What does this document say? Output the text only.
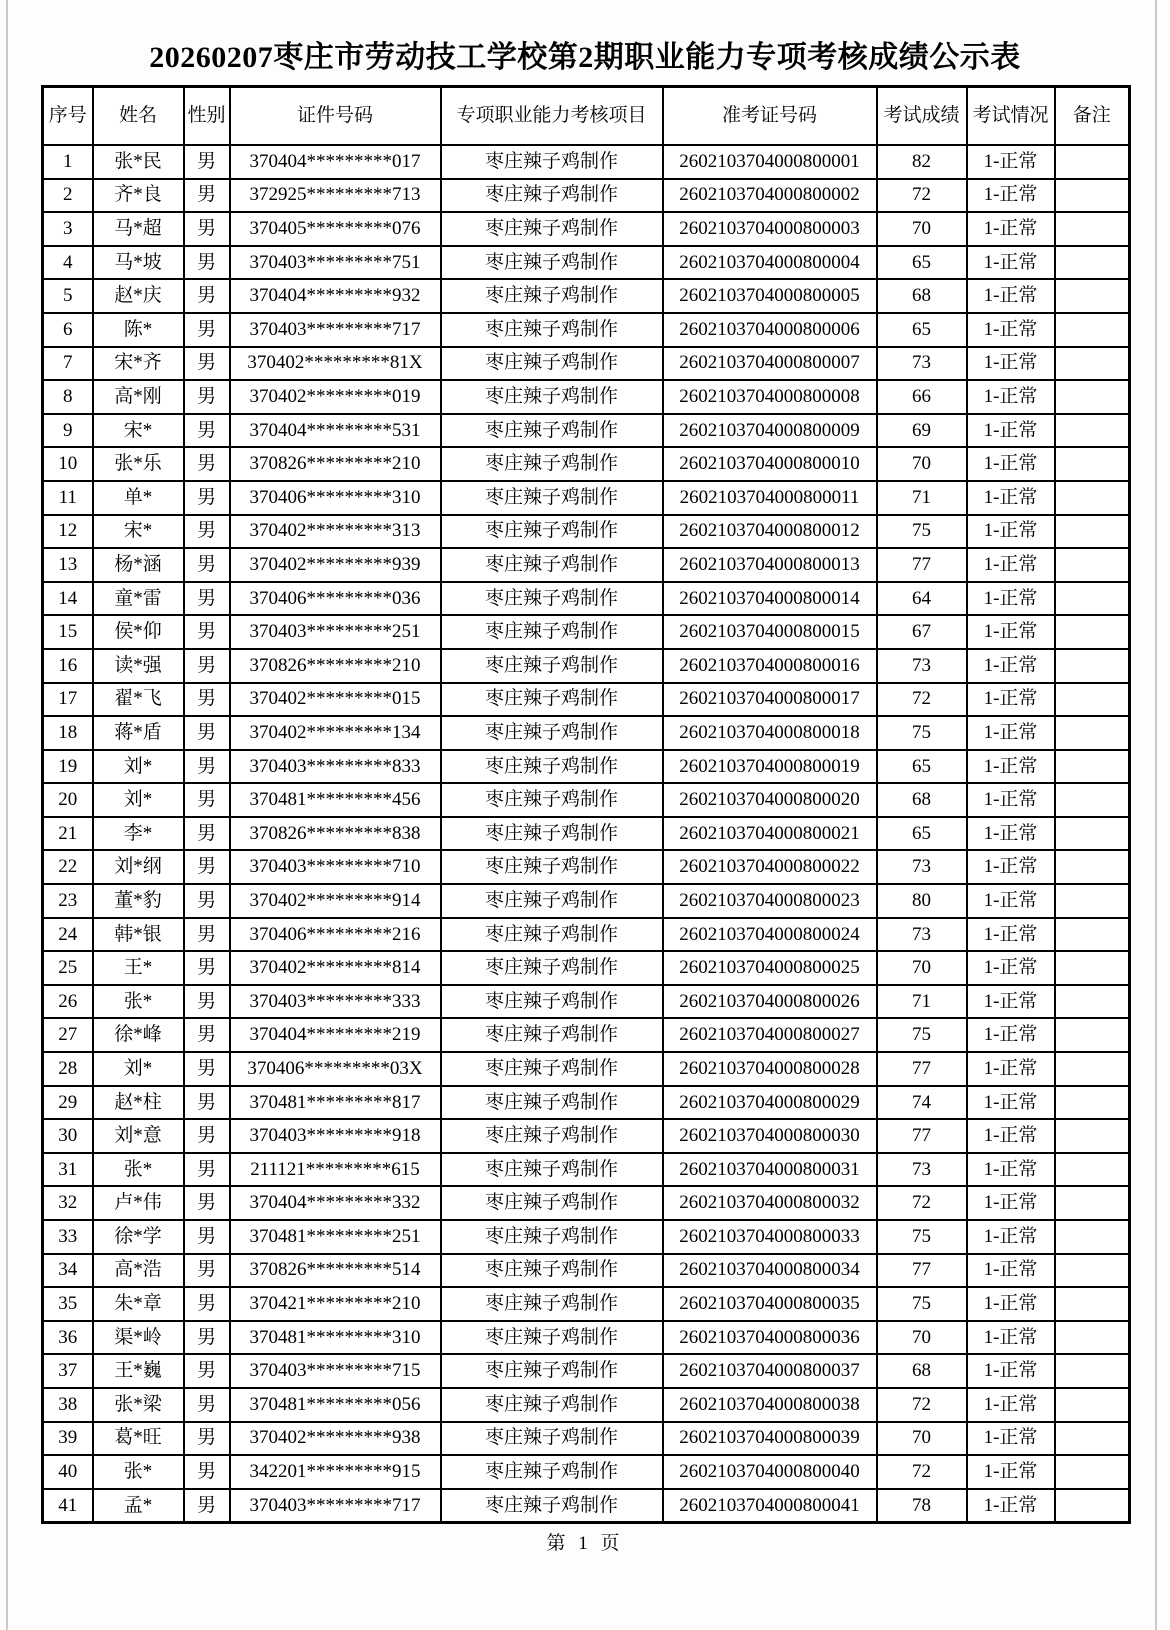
20260207枣庄市劳动技工学校第2期职业能力专项考核成绩公示表
序号	姓名	性别	证件号码	专项职业能力考核项目	准考证号码	考试成绩	考试情况	备注
1	张*民	男	370404*********017	枣庄辣子鸡制作	2602103704000800001	82	1-正常	
2	齐*良	男	372925*********713	枣庄辣子鸡制作	2602103704000800002	72	1-正常	
3	马*超	男	370405*********076	枣庄辣子鸡制作	2602103704000800003	70	1-正常	
4	马*坡	男	370403*********751	枣庄辣子鸡制作	2602103704000800004	65	1-正常	
5	赵*庆	男	370404*********932	枣庄辣子鸡制作	2602103704000800005	68	1-正常	
6	陈*	男	370403*********717	枣庄辣子鸡制作	2602103704000800006	65	1-正常	
7	宋*齐	男	370402*********81X	枣庄辣子鸡制作	2602103704000800007	73	1-正常	
8	高*刚	男	370402*********019	枣庄辣子鸡制作	2602103704000800008	66	1-正常	
9	宋*	男	370404*********531	枣庄辣子鸡制作	2602103704000800009	69	1-正常	
10	张*乐	男	370826*********210	枣庄辣子鸡制作	2602103704000800010	70	1-正常	
11	单*	男	370406*********310	枣庄辣子鸡制作	2602103704000800011	71	1-正常	
12	宋*	男	370402*********313	枣庄辣子鸡制作	2602103704000800012	75	1-正常	
13	杨*涵	男	370402*********939	枣庄辣子鸡制作	2602103704000800013	77	1-正常	
14	童*雷	男	370406*********036	枣庄辣子鸡制作	2602103704000800014	64	1-正常	
15	侯*仰	男	370403*********251	枣庄辣子鸡制作	2602103704000800015	67	1-正常	
16	读*强	男	370826*********210	枣庄辣子鸡制作	2602103704000800016	73	1-正常	
17	翟*飞	男	370402*********015	枣庄辣子鸡制作	2602103704000800017	72	1-正常	
18	蒋*盾	男	370402*********134	枣庄辣子鸡制作	2602103704000800018	75	1-正常	
19	刘*	男	370403*********833	枣庄辣子鸡制作	2602103704000800019	65	1-正常	
20	刘*	男	370481*********456	枣庄辣子鸡制作	2602103704000800020	68	1-正常	
21	李*	男	370826*********838	枣庄辣子鸡制作	2602103704000800021	65	1-正常	
22	刘*纲	男	370403*********710	枣庄辣子鸡制作	2602103704000800022	73	1-正常	
23	董*豹	男	370402*********914	枣庄辣子鸡制作	2602103704000800023	80	1-正常	
24	韩*银	男	370406*********216	枣庄辣子鸡制作	2602103704000800024	73	1-正常	
25	王*	男	370402*********814	枣庄辣子鸡制作	2602103704000800025	70	1-正常	
26	张*	男	370403*********333	枣庄辣子鸡制作	2602103704000800026	71	1-正常	
27	徐*峰	男	370404*********219	枣庄辣子鸡制作	2602103704000800027	75	1-正常	
28	刘*	男	370406*********03X	枣庄辣子鸡制作	2602103704000800028	77	1-正常	
29	赵*柱	男	370481*********817	枣庄辣子鸡制作	2602103704000800029	74	1-正常	
30	刘*意	男	370403*********918	枣庄辣子鸡制作	2602103704000800030	77	1-正常	
31	张*	男	211121*********615	枣庄辣子鸡制作	2602103704000800031	73	1-正常	
32	卢*伟	男	370404*********332	枣庄辣子鸡制作	2602103704000800032	72	1-正常	
33	徐*学	男	370481*********251	枣庄辣子鸡制作	2602103704000800033	75	1-正常	
34	高*浩	男	370826*********514	枣庄辣子鸡制作	2602103704000800034	77	1-正常	
35	朱*章	男	370421*********210	枣庄辣子鸡制作	2602103704000800035	75	1-正常	
36	渠*岭	男	370481*********310	枣庄辣子鸡制作	2602103704000800036	70	1-正常	
37	王*巍	男	370403*********715	枣庄辣子鸡制作	2602103704000800037	68	1-正常	
38	张*梁	男	370481*********056	枣庄辣子鸡制作	2602103704000800038	72	1-正常	
39	葛*旺	男	370402*********938	枣庄辣子鸡制作	2602103704000800039	70	1-正常	
40	张*	男	342201*********915	枣庄辣子鸡制作	2602103704000800040	72	1-正常	
41	孟*	男	370403*********717	枣庄辣子鸡制作	2602103704000800041	78	1-正常	
第 1 页
